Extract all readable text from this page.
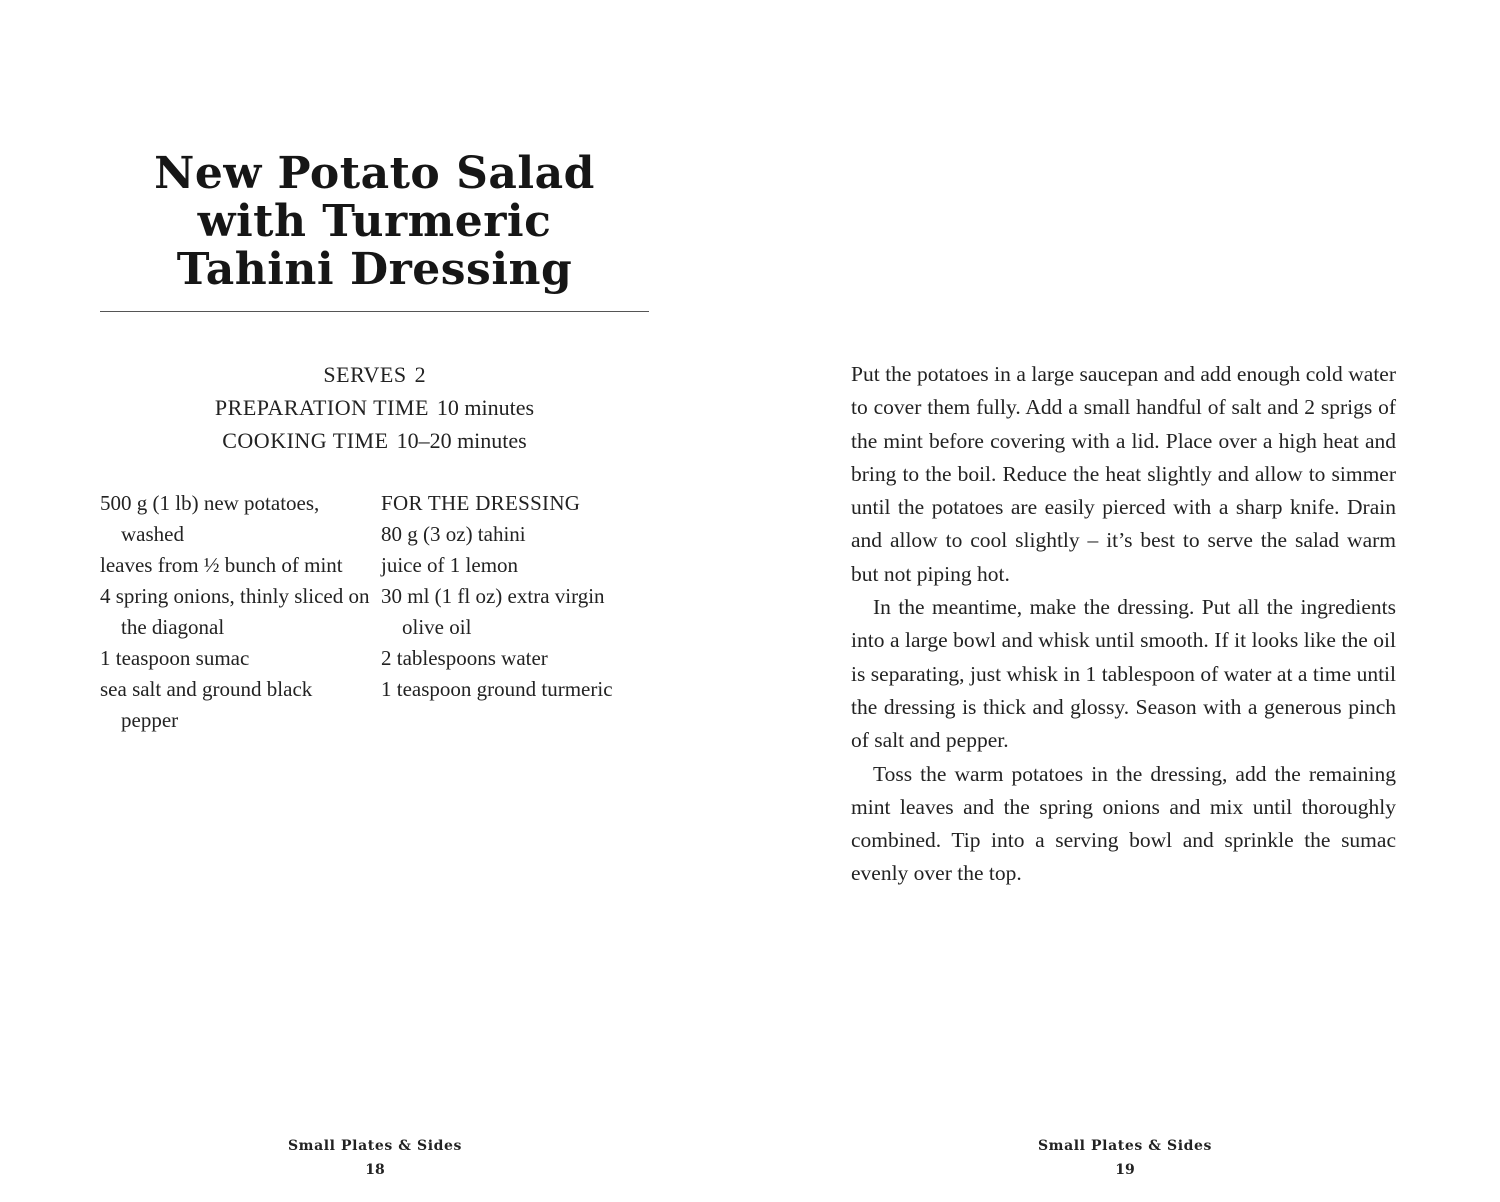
New Potato Salad
with Turmeric
Tahini Dressing
SERVES 2
PREPARATION TIME 10 minutes
COOKING TIME 10–20 minutes
500 g (1 lb) new potatoes, washed
leaves from ½ bunch of mint
4 spring onions, thinly sliced on the diagonal
1 teaspoon sumac
sea salt and ground black pepper
FOR THE DRESSING
80 g (3 oz) tahini
juice of 1 lemon
30 ml (1 fl oz) extra virgin olive oil
2 tablespoons water
1 teaspoon ground turmeric
Small Plates & Sides
18

Put the potatoes in a large saucepan and add enough cold water to cover them fully. Add a small handful of salt and 2 sprigs of the mint before covering with a lid. Place over a high heat and bring to the boil. Reduce the heat slightly and allow to simmer until the potatoes are easily pierced with a sharp knife. Drain and allow to cool slightly – it’s best to serve the salad warm but not piping hot.

In the meantime, make the dressing. Put all the ingredients into a large bowl and whisk until smooth. If it looks like the oil is separating, just whisk in 1 tablespoon of water at a time until the dressing is thick and glossy. Season with a generous pinch of salt and pepper.

Toss the warm potatoes in the dressing, add the remaining mint leaves and the spring onions and mix until thoroughly combined. Tip into a serving bowl and sprinkle the sumac evenly over the top.

Small Plates & Sides
19
